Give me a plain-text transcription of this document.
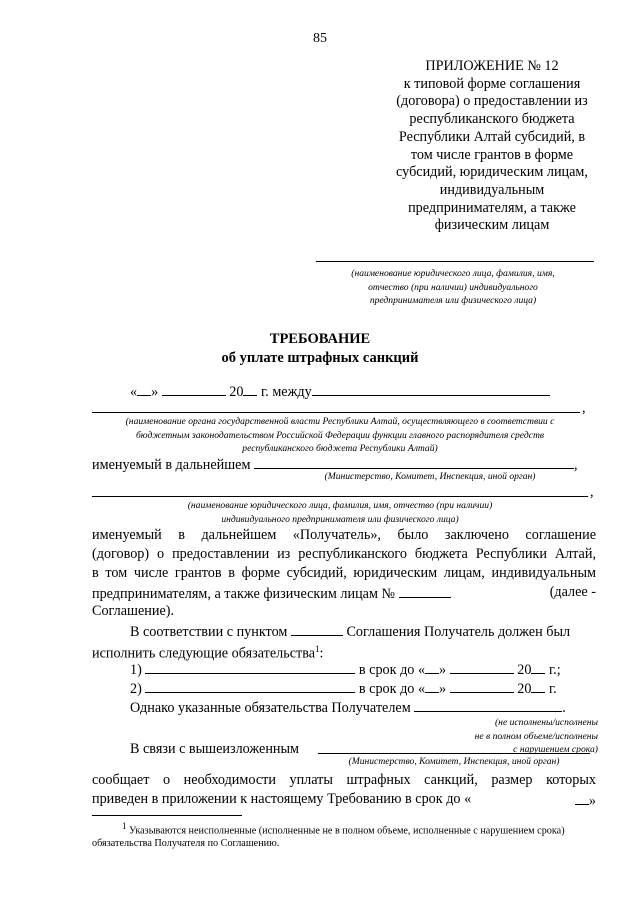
85
ПРИЛОЖЕНИЕ № 12
к типовой форме соглашения
(договора) о предоставлении из
республиканского бюджета
Республики Алтай субсидий, в
том числе грантов в форме
субсидий, юридическим лицам,
индивидуальным
предпринимателям, а также
физическим лицам
(наименование юридического лица, фамилия, имя,
отчество (при наличии) индивидуального
предпринимателя или физического лица)
ТРЕБОВАНИЕ
об уплате штрафных санкций
« »	20 г. между
,
(наименование органа государственной власти Республики Алтай, осуществляющего в соответствии с
бюджетным законодательством Российской Федерации функции главного распорядителя средств
республиканского бюджета Республики Алтай)
именуемый в дальнейшем	,
(Министерство, Комитет, Инспекция, иной орган)
,
(наименование юридического лица, фамилия, имя, отчество (при наличии)
индивидуального предпринимателя или физического лица)
именуемый в дальнейшем «Получатель», было заключено соглашение
(договор) о предоставлении из республиканского бюджета Республики Алтай,
в том числе грантов в форме субсидий, юридическим лицам, индивидуальным
предпринимателям, а также физическим лицам №	(далее -
Соглашение).
В соответствии с пунктом	Соглашения Получатель должен был
исполнить следующие обязательства$^1$:
1)	в срок до « »	20 г.;
2)	в срок до « »	20 г.
Однако указанные обязательства Получателем	.
(не исполнены/исполнены
не в полном объеме/исполнены
с нарушением срока)
В связи с вышеизложенным
(Министерство, Комитет, Инспекция, иной орган)
сообщает о необходимости уплаты штрафных санкций, размер которых
приведен в приложении к настоящему Требованию в срок до «	»
$^1$ Указываются неисполненные (исполненные не в полном объеме, исполненные с нарушением срока)
обязательства Получателя по Соглашению.
